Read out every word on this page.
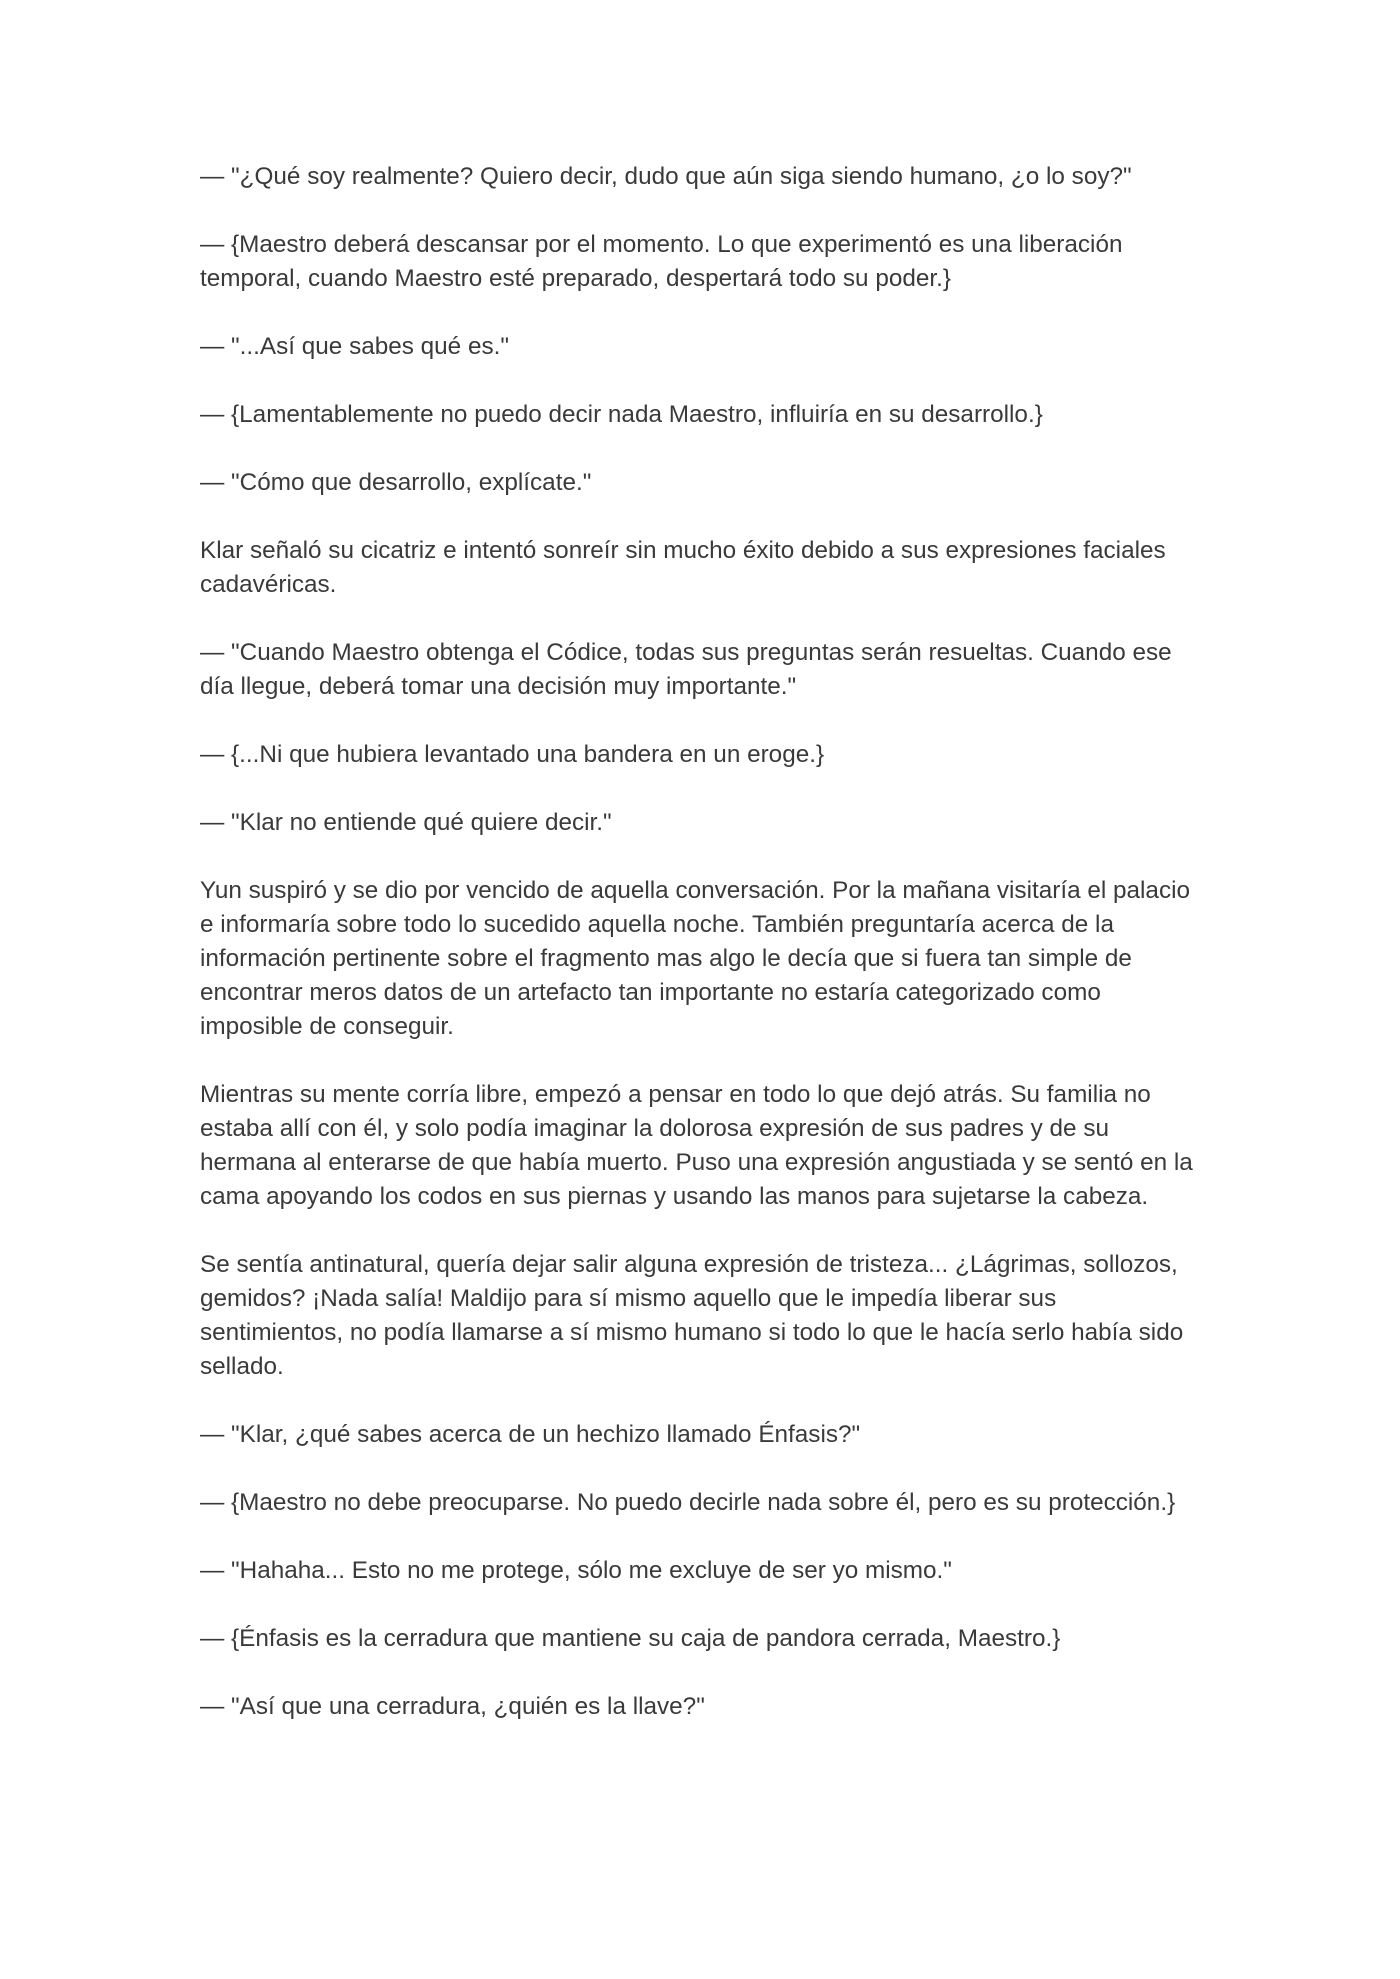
— "¿Qué soy realmente? Quiero decir, dudo que aún siga siendo humano, ¿o lo soy?"

— {Maestro deberá descansar por el momento. Lo que experimentó es una liberación temporal, cuando Maestro esté preparado, despertará todo su poder.}

— "...Así que sabes qué es."

— {Lamentablemente no puedo decir nada Maestro, influiría en su desarrollo.}

— "Cómo que desarrollo, explícate."

Klar señaló su cicatriz e intentó sonreír sin mucho éxito debido a sus expresiones faciales cadavéricas.

— "Cuando Maestro obtenga el Códice, todas sus preguntas serán resueltas. Cuando ese día llegue, deberá tomar una decisión muy importante."

— {...Ni que hubiera levantado una bandera en un eroge.}

— "Klar no entiende qué quiere decir."

Yun suspiró y se dio por vencido de aquella conversación. Por la mañana visitaría el palacio e informaría sobre todo lo sucedido aquella noche. También preguntaría acerca de la información pertinente sobre el fragmento mas algo le decía que si fuera tan simple de encontrar meros datos de un artefacto tan importante no estaría categorizado como imposible de conseguir.

Mientras su mente corría libre, empezó a pensar en todo lo que dejó atrás. Su familia no estaba allí con él, y solo podía imaginar la dolorosa expresión de sus padres y de su hermana al enterarse de que había muerto. Puso una expresión angustiada y se sentó en la cama apoyando los codos en sus piernas y usando las manos para sujetarse la cabeza.

Se sentía antinatural, quería dejar salir alguna expresión de tristeza... ¿Lágrimas, sollozos, gemidos? ¡Nada salía! Maldijo para sí mismo aquello que le impedía liberar sus sentimientos, no podía llamarse a sí mismo humano si todo lo que le hacía serlo había sido sellado.

— "Klar, ¿qué sabes acerca de un hechizo llamado Énfasis?"

— {Maestro no debe preocuparse. No puedo decirle nada sobre él, pero es su protección.}

— "Hahaha... Esto no me protege, sólo me excluye de ser yo mismo."

— {Énfasis es la cerradura que mantiene su caja de pandora cerrada, Maestro.}

— "Así que una cerradura, ¿quién es la llave?"
